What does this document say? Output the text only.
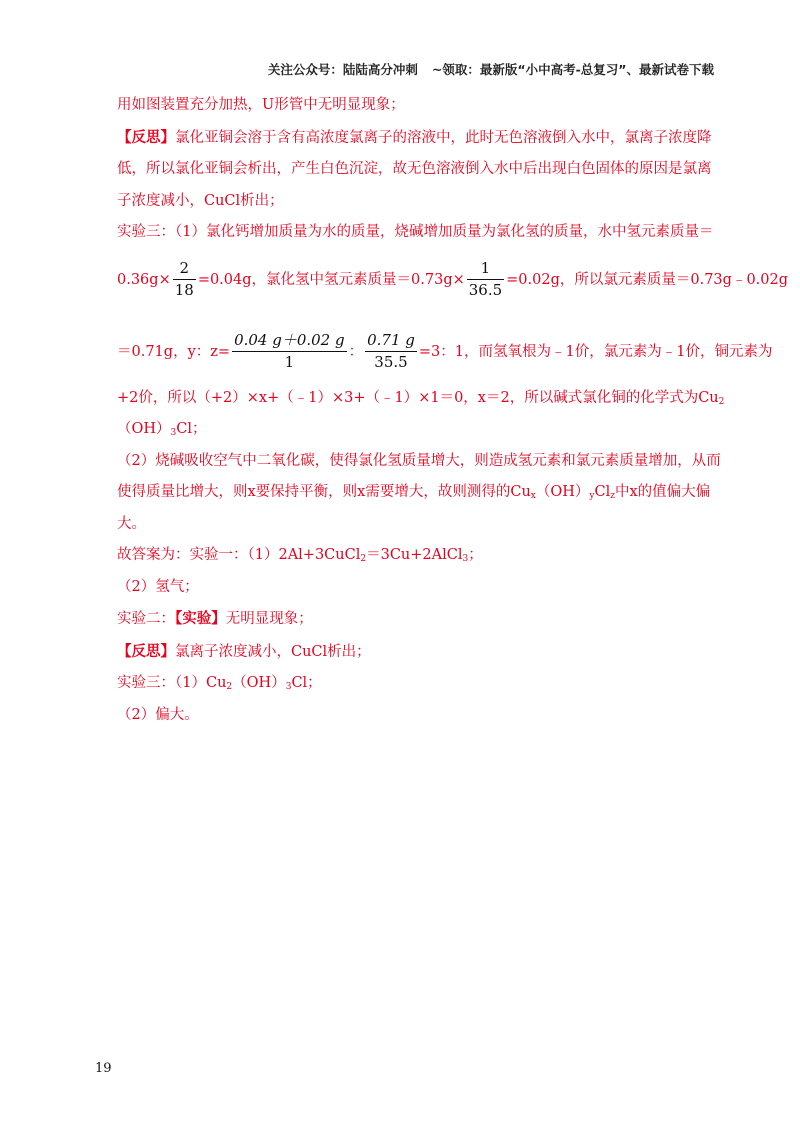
关注公众号：陆陆高分冲刺 ~领取：最新版“小中高考-总复习”、最新试卷下载
用如图装置充分加热，U形管中无明显现象；
【反思】氯化亚铜会溶于含有高浓度氯离子的溶液中，此时无色溶液倒入水中，氯离子浓度降
低，所以氯化亚铜会析出，产生白色沉淀，故无色溶液倒入水中后出现白色固体的原因是氯离
子浓度减小，CuCl析出；
实验三：（1）氯化钙增加质量为水的质量，烧碱增加质量为氯化氢的质量，水中氢元素质量＝
$0.36g\times \frac{2}{18} =0.04g$，氯化氢中氢元素质量$=0.73g\times \frac{1}{36.5} =0.02g$，所以氯元素质量＝0.73g﹣0.02g
＝0.71g，y：$z= \frac{0.04 g+0.02 g}{1}$ ： $\frac{0.71 g}{35.5} =3$：1，而氢氧根为﹣1价，氯元素为﹣1价，铜元素为
+2价，所以（+2）×x+（﹣1）×3+（﹣1）×1＝0，x＝2，所以碱式氯化铜的化学式为$Cu_2$
$(OH)_3Cl$；
（2）烧碱吸收空气中二氧化碳，使得氯化氢质量增大，则造成氢元素和氯元素质量增加，从而
使得质量比增大，则x要保持平衡，则x需要增大，故则测得的$Cu_x(OH)_yCl_z$中x的值偏大偏
大。
故答案为：实验一：（1）2Al+3CuCl$_2$＝3Cu+2AlCl$_3$；
（2）氢气；
实验二：【实验】无明显现象；
【反思】氯离子浓度减小，CuCl析出；
实验三：$(1)Cu_2(OH)_3Cl$；
（2）偏大。
19
